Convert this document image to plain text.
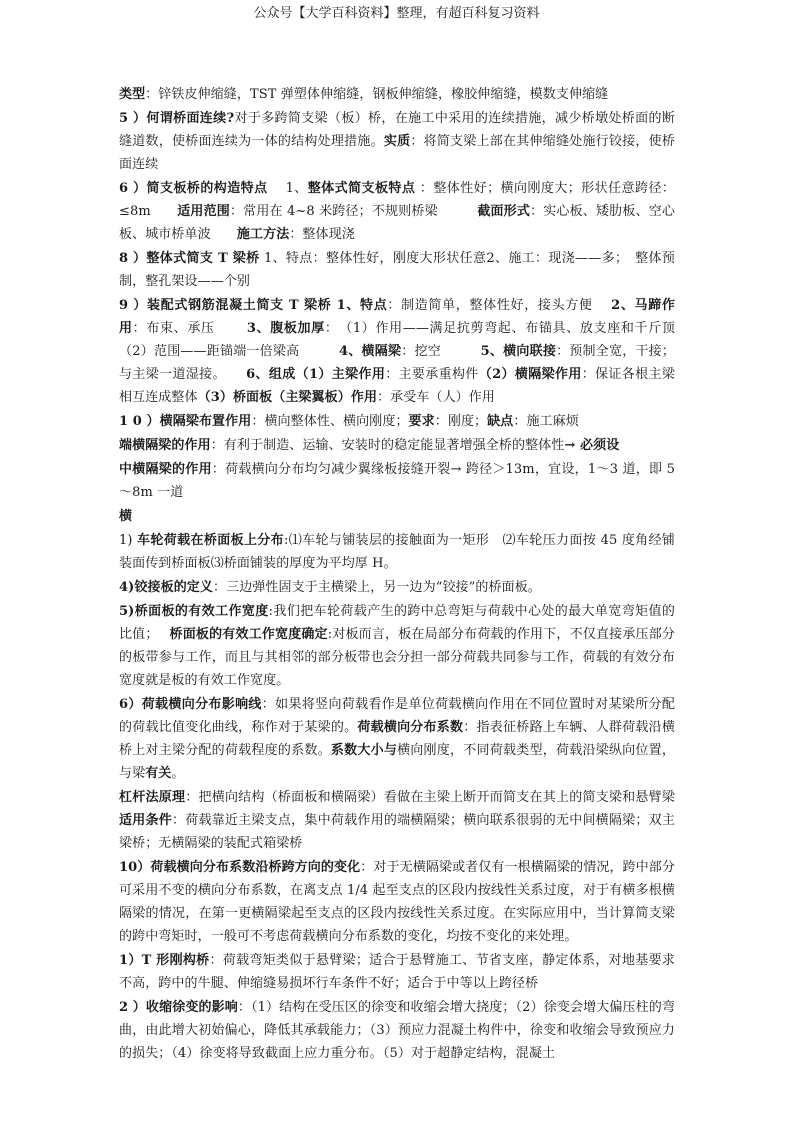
公众号【大学百科资料】整理，有超百科复习资料
类型：锌铁皮伸缩缝，TST 弹塑体伸缩缝，钢板伸缩缝，橡胶伸缩缝，模数支伸缩缝
5 ）何谓桥面连续?对于多跨简支梁（板）桥，在施工中采用的连续措施，减少桥墩处桥面的断缝道数，使桥面连续为一体的结构处理措施。实质：将简支梁上部在其伸缩缝处施行铰接，使桥面连续
6 ）简支板桥的构造特点　 1、整体式简支板特点 ：整体性好；横向刚度大；形状任意跨径：≤8m　　适用范围：常用在 4~8 米跨径；不规则桥梁　　　截面形式：实心板、矮肋板、空心板、城市桥单波　　施工方法：整体现浇
8 ）整体式简支 T 梁桥 1、特点：整体性好，刚度大形状任意2、施工：现浇——多；　整体预制，整孔架设——个别
9 ）装配式钢筋混凝土简支 T 梁桥 1、特点：制造简单，整体性好，接头方便　 2、马蹄作用：布束、承压　　 3、腹板加厚：　（1）作用——满足抗剪弯起、布锚具、放支座和千斤顶（2）范围——距锚端一倍梁高　　　4、横隔梁：挖空　　　5、横向联接：预制全宽，干接；与主梁一道湿接。　　6、组成（1）主梁作用：主要承重构件（2）横隔梁作用：保证各根主梁相互连成整体（3）桥面板（主梁翼板）作用：承受车（人）作用
1 0 ）横隔梁布置作用：横向整体性、横向刚度；要求：刚度；缺点：施工麻烦
端横隔梁的作用：有利于制造、运输、安装时的稳定能显著增强全桥的整体性→ 必须设
中横隔梁的作用：荷载横向分布均匀减少翼缘板接缝开裂→ 跨径＞13m，宜设，1～3 道，即 5～8m 一道
横
1) 车轮荷载在桥面板上分布:⑴车轮与铺装层的接触面为一矩形　⑵车轮压力面按 45 度角经铺装面传到桥面板⑶桥面铺装的厚度为平均厚 H。
4)铰接板的定义：三边弹性固支于主横梁上，另一边为“铰接”的桥面板。
5)桥面板的有效工作宽度:我们把车轮荷载产生的跨中总弯矩与荷载中心处的最大单宽弯矩值的比值；　 桥面板的有效工作宽度确定:对板而言，板在局部分布荷载的作用下，不仅直接承压部分的板带参与工作，而且与其相邻的部分板带也会分担一部分荷载共同参与工作，荷载的有效分布宽度就是板的有效工作宽度。
6）荷载横向分布影响线：如果将竖向荷载看作是单位荷载横向作用在不同位置时对某梁所分配的荷载比值变化曲线，称作对于某梁的。荷载横向分布系数：指表征桥路上车辆、人群荷载沿横桥上对主梁分配的荷载程度的系数。系数大小与横向刚度，不同荷载类型，荷载沿梁纵向位置，与梁有关。
杠杆法原理：把横向结构（桥面板和横隔梁）看做在主梁上断开而简支在其上的简支梁和悬臂梁　　适用条件：荷载靠近主梁支点，集中荷载作用的端横隔梁；横向联系很弱的无中间横隔梁；双主梁桥；无横隔梁的装配式箱梁桥
10）荷载横向分布系数沿桥跨方向的变化：对于无横隔梁或者仅有一根横隔梁的情况，跨中部分可采用不变的横向分布系数，在离支点 1/4 起至支点的区段内按线性关系过度，对于有横多根横隔梁的情况，在第一更横隔梁起至支点的区段内按线性关系过度。在实际应用中，当计算简支梁的跨中弯矩时，一般可不考虑荷载横向分布系数的变化，均按不变化的来处理。
1）T 形刚构桥：荷载弯矩类似于悬臂梁；适合于悬臂施工、节省支座，静定体系，对地基要求不高，跨中的牛腿、伸缩缝易损坏行车条件不好；适合于中等以上跨径桥
2 ）收缩徐变的影响：（1）结构在受压区的徐变和收缩会增大挠度；（2）徐变会增大偏压柱的弯曲，由此增大初始偏心，降低其承载能力；（3）预应力混凝土构件中，徐变和收缩会导致预应力的损失；（4）徐变将导致截面上应力重分布。（5）对于超静定结构，混凝土
